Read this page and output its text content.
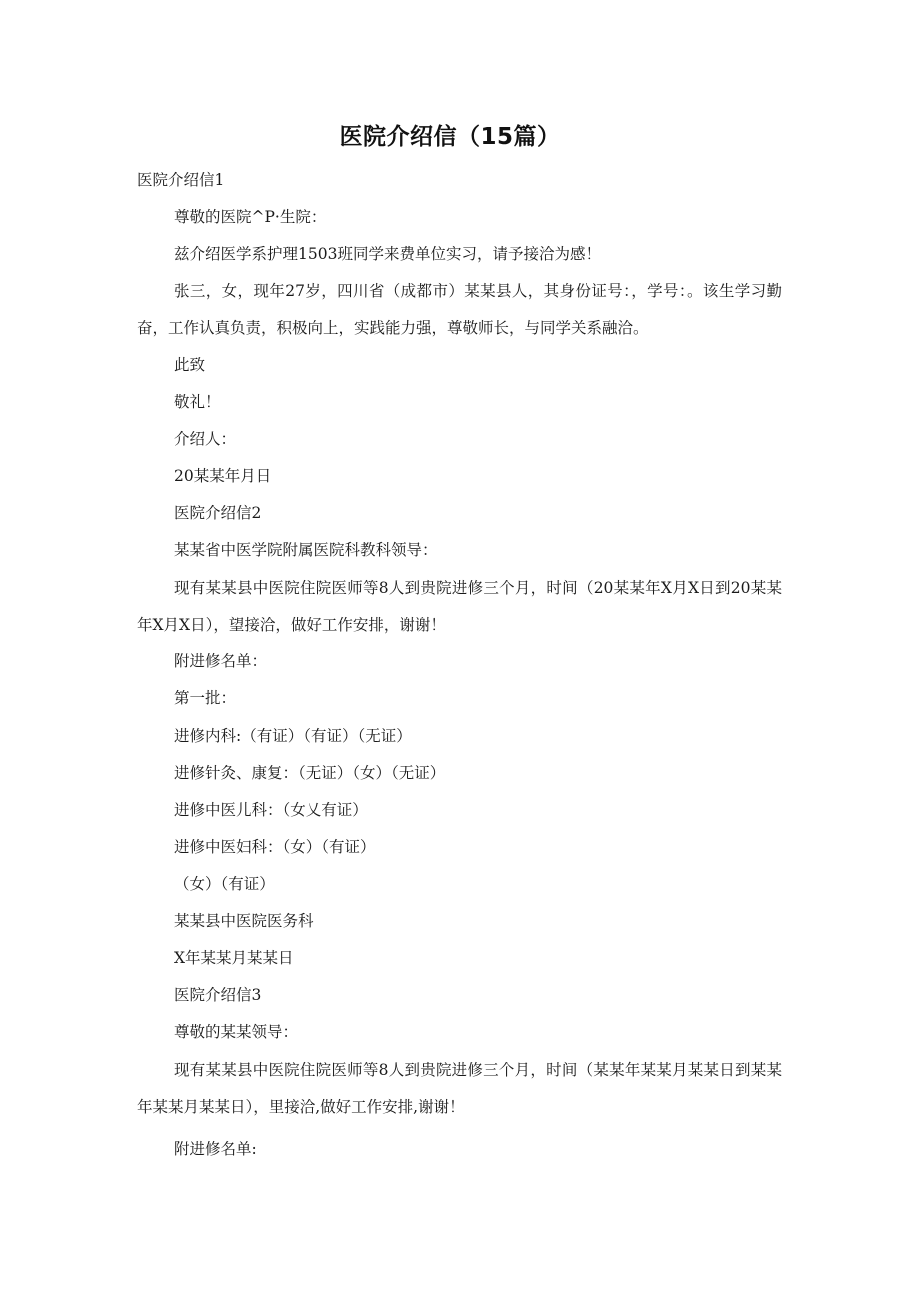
医院介绍信（15篇）
医院介绍信1
尊敬的医院^P·生院：
兹介绍医学系护理1503班同学来费单位实习，请予接洽为感！
张三，女，现年27岁，四川省（成都市）某某县人，其身份证号：，学号：。该生学习勤奋，工作认真负责，积极向上，实践能力强，尊敬师长，与同学关系融洽。
此致
敬礼！
介绍人：
20某某年月日
医院介绍信2
某某省中医学院附属医院科教科领导：
现有某某县中医院住院医师等8人到贵院进修三个月，时间（20某某年X月X日到20某某年X月X日），望接洽，做好工作安排，谢谢！
附进修名单：
第一批：
进修内科:（有证）（有证）（无证）
进修针灸、康复：（无证）（女）（无证）
进修中医儿科：（女乂有证）
进修中医妇科：（女）（有证）
（女）（有证）
某某县中医院医务科
X年某某月某某日
医院介绍信3
尊敬的某某领导：
现有某某县中医院住院医师等8人到贵院进修三个月，时间（某某年某某月某某日到某某年某某月某某日），里接洽,做好工作安排,谢谢！
附进修名单:
